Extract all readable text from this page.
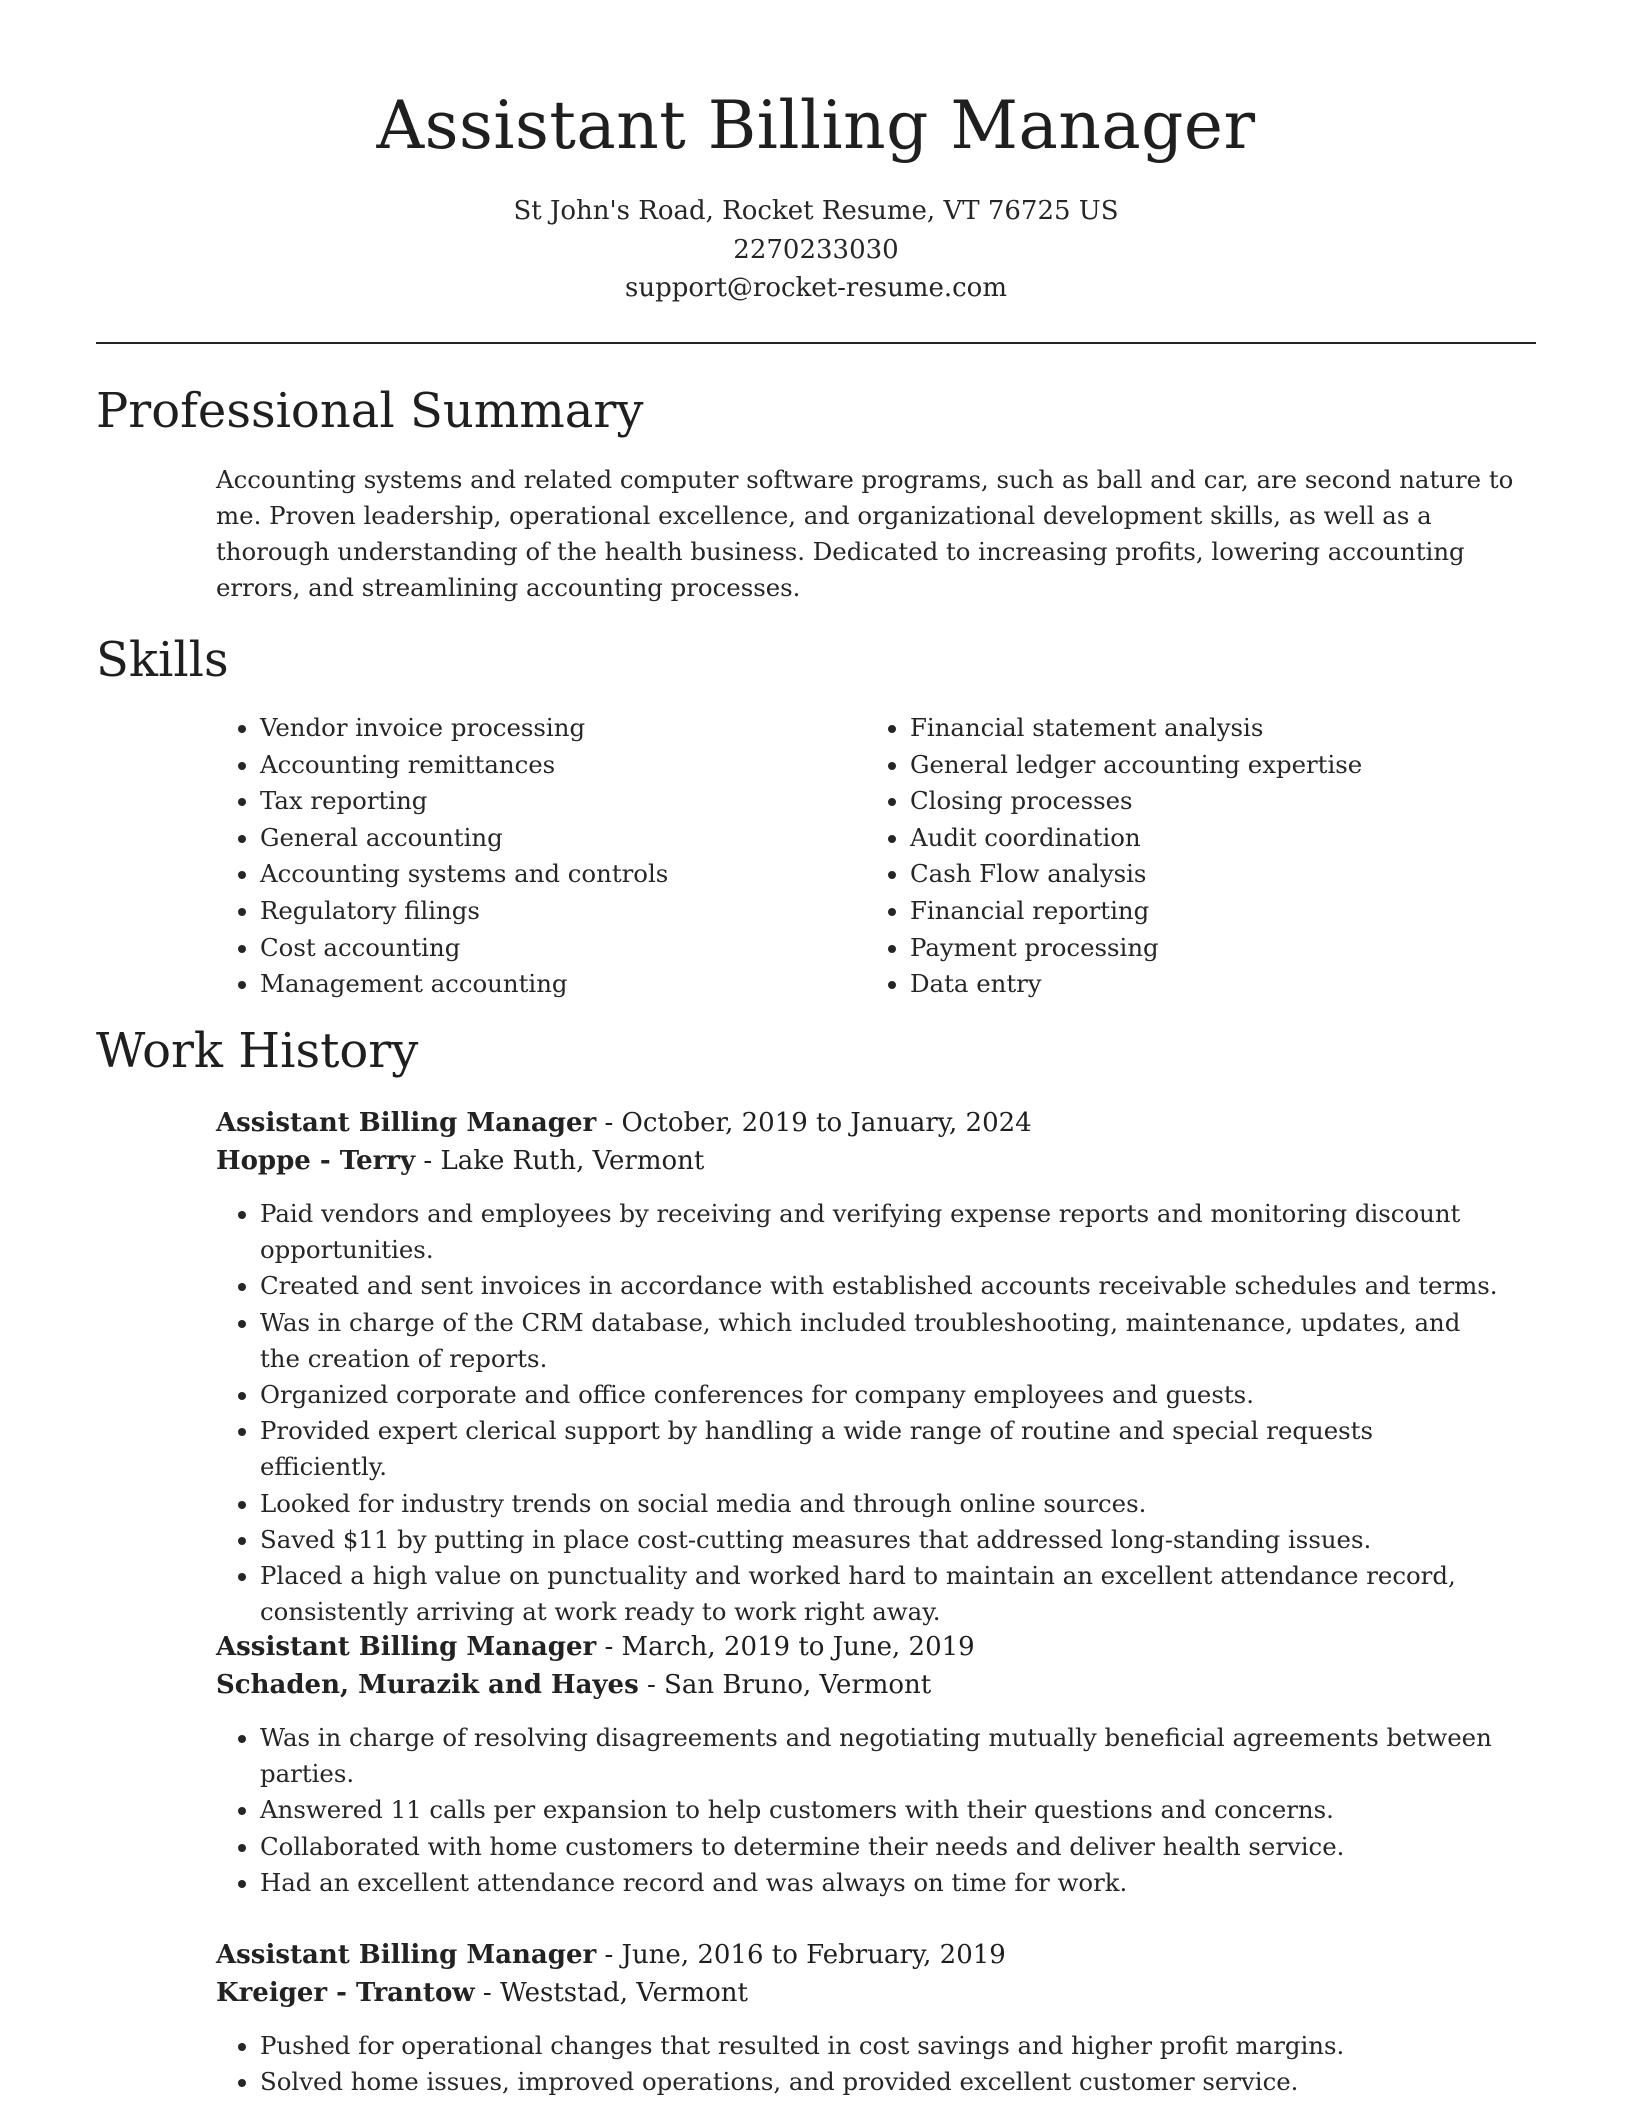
Assistant Billing Manager
St John's Road, Rocket Resume, VT 76725 US
2270233030
support@rocket-resume.com
Professional Summary

Accounting systems and related computer software programs, such as ball and car, are second nature to me. Proven leadership, operational excellence, and organizational development skills, as well as a thorough understanding of the health business. Dedicated to increasing profits, lowering accounting errors, and streamlining accounting processes.

Skills
• Vendor invoice processing
• Accounting remittances
• Tax reporting
• General accounting
• Accounting systems and controls
• Regulatory filings
• Cost accounting
• Management accounting
• Financial statement analysis
• General ledger accounting expertise
• Closing processes
• Audit coordination
• Cash Flow analysis
• Financial reporting
• Payment processing
• Data entry
Work History
Assistant Billing Manager - October, 2019 to January, 2024
Hoppe - Terry - Lake Ruth, Vermont
• Paid vendors and employees by receiving and verifying expense reports and monitoring discount opportunities.
• Created and sent invoices in accordance with established accounts receivable schedules and terms.
• Was in charge of the CRM database, which included troubleshooting, maintenance, updates, and the creation of reports.
• Organized corporate and office conferences for company employees and guests.
• Provided expert clerical support by handling a wide range of routine and special requests efficiently.
• Looked for industry trends on social media and through online sources.
• Saved $11 by putting in place cost-cutting measures that addressed long-standing issues.
• Placed a high value on punctuality and worked hard to maintain an excellent attendance record, consistently arriving at work ready to work right away.
Assistant Billing Manager - March, 2019 to June, 2019
Schaden, Murazik and Hayes - San Bruno, Vermont
• Was in charge of resolving disagreements and negotiating mutually beneficial agreements between parties.
• Answered 11 calls per expansion to help customers with their questions and concerns.
• Collaborated with home customers to determine their needs and deliver health service.
• Had an excellent attendance record and was always on time for work.
Assistant Billing Manager - June, 2016 to February, 2019
Kreiger - Trantow - Weststad, Vermont
• Pushed for operational changes that resulted in cost savings and higher profit margins.
• Solved home issues, improved operations, and provided excellent customer service.
